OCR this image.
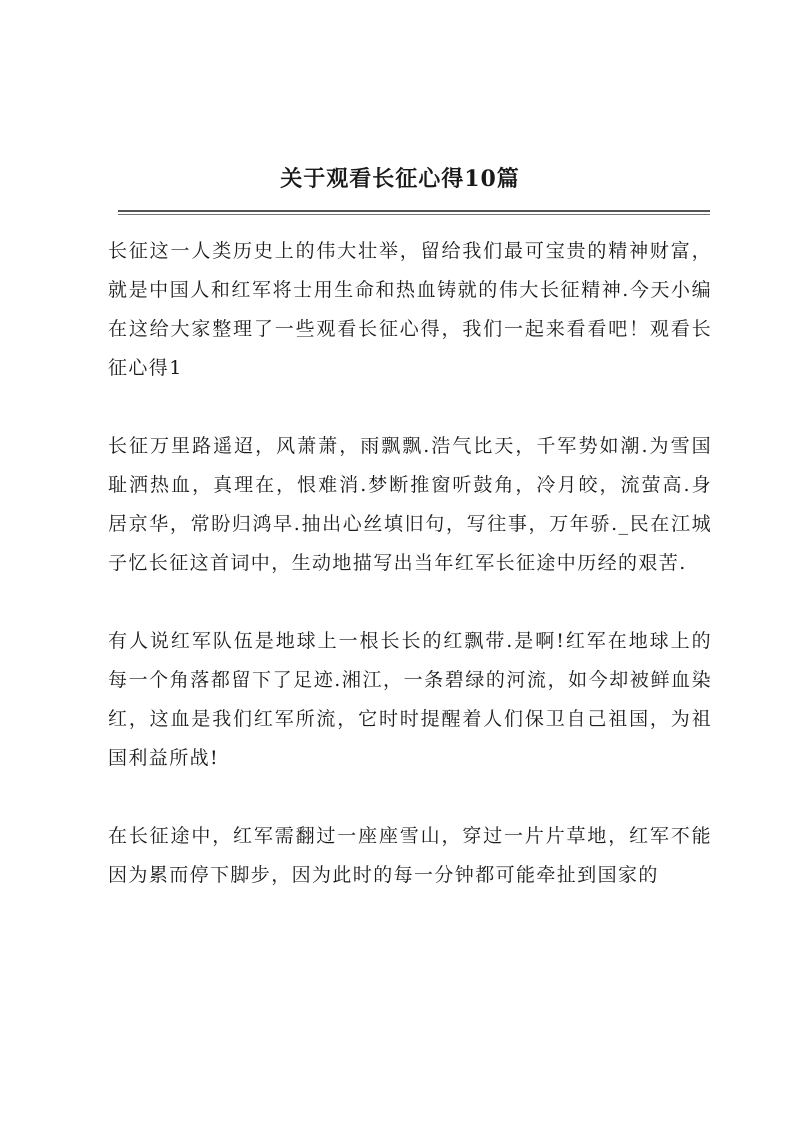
关于观看长征心得10篇

长征这一人类历史上的伟大壮举，留给我们最可宝贵的精神财富，就是中国人和红军将士用生命和热血铸就的伟大长征精神.今天小编在这给大家整理了一些观看长征心得，我们一起来看看吧！观看长征心得1

长征万里路遥迢，风萧萧，雨飘飘.浩气比天，千军势如潮.为雪国耻洒热血，真理在，恨难消.梦断推窗听鼓角，冷月皎，流萤高.身居京华，常盼归鸿早.抽出心丝填旧句，写往事，万年骄._民在江城子忆长征这首词中，生动地描写出当年红军长征途中历经的艰苦.

有人说红军队伍是地球上一根长长的红飘带.是啊!红军在地球上的每一个角落都留下了足迹.湘江，一条碧绿的河流，如今却被鲜血染红，这血是我们红军所流，它时时提醒着人们保卫自己祖国，为祖国利益所战!

在长征途中，红军需翻过一座座雪山，穿过一片片草地，红军不能因为累而停下脚步，因为此时的每一分钟都可能牵扯到国家的
